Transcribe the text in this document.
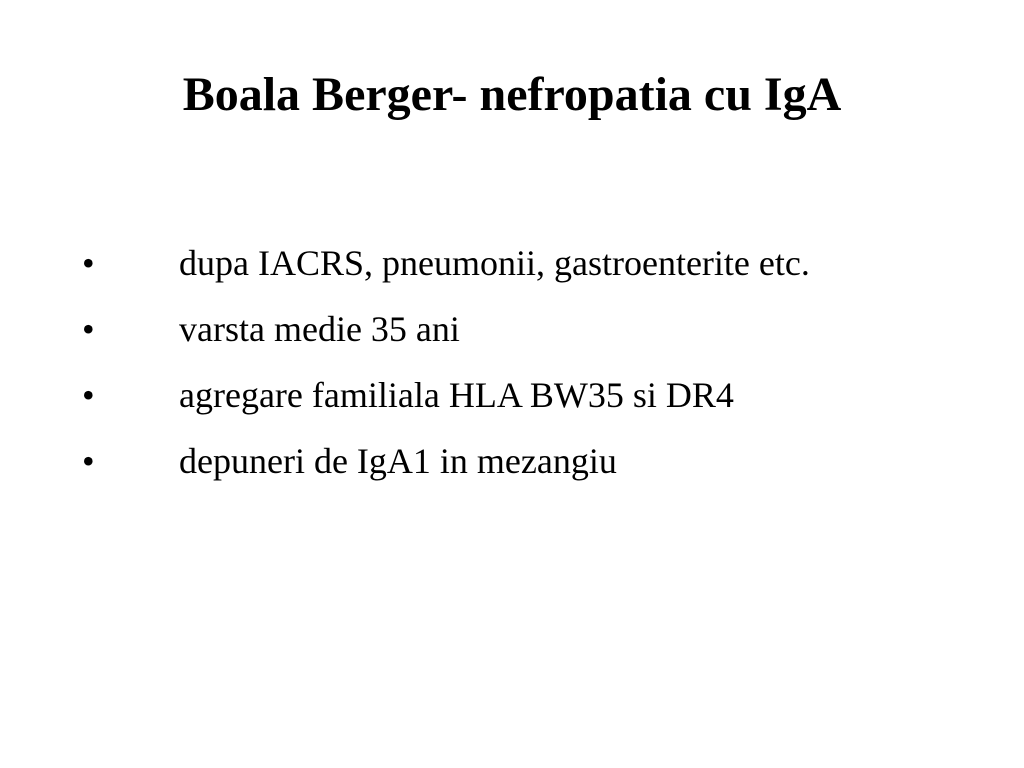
Boala Berger- nefropatia cu IgA
•	dupa IACRS, pneumonii, gastroenterite etc.
•	varsta medie 35 ani
•	agregare familiala HLA BW35 si DR4
•	depuneri de IgA1 in mezangiu
